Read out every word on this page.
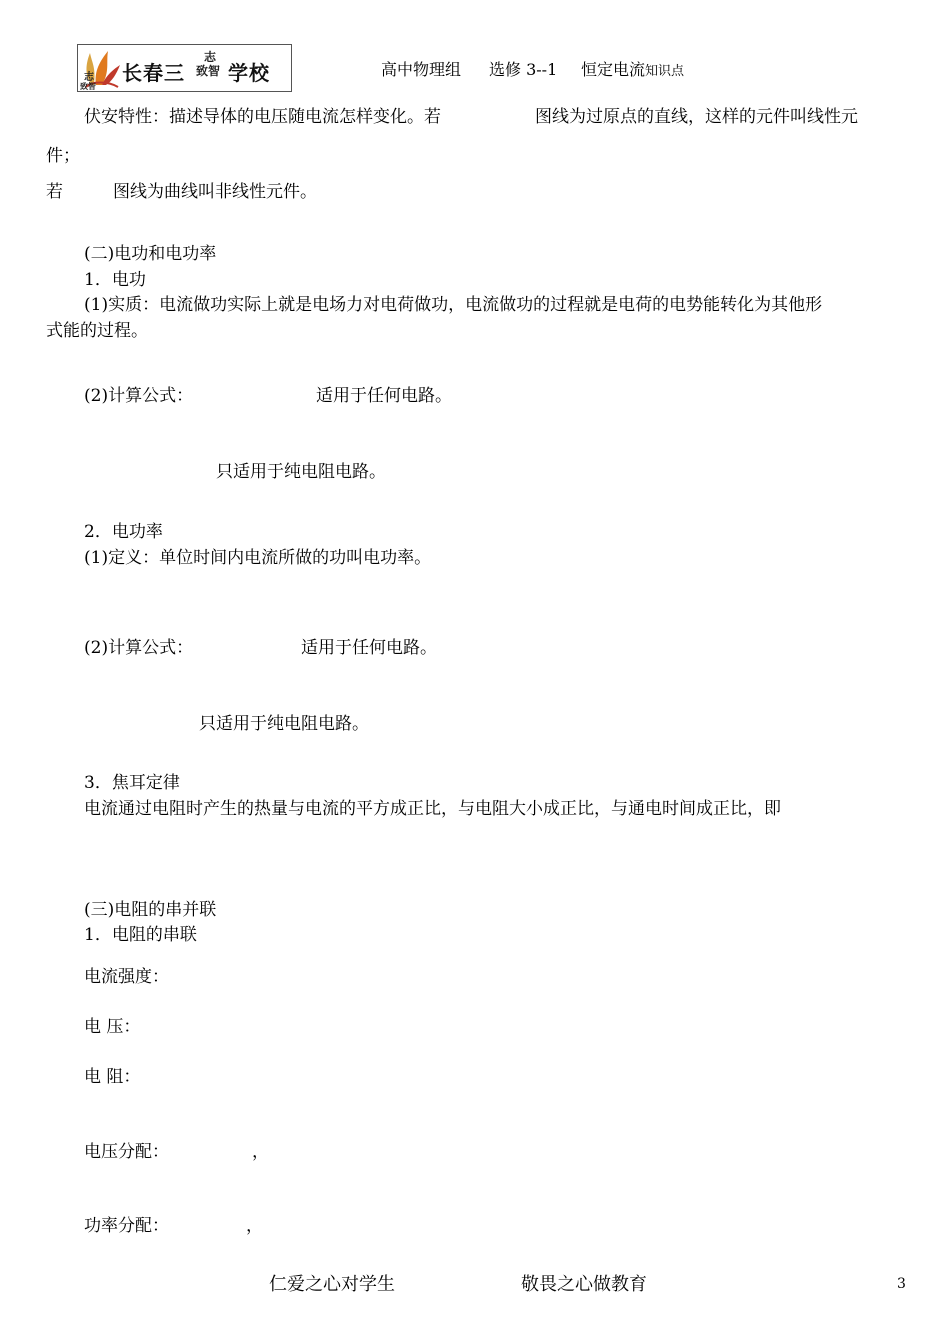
志
致智
长春三
志
致智 学校	高中物理组 选修 3--1 恒定电流知识点
伏安特性：描述导体的电压随电流怎样变化。若	图线为过原点的直线，这样的元件叫线性元
件；
若	图线为曲线叫非线性元件。
(二)电功和电功率
1．电功
(1)实质：电流做功实际上就是电场力对电荷做功，电流做功的过程就是电荷的电势能转化为其他形
式能的过程。
(2)计算公式：	适用于任何电路。
只适用于纯电阻电路。
2．电功率
(1)定义：单位时间内电流所做的功叫电功率。
(2)计算公式：	适用于任何电路。
只适用于纯电阻电路。
3．焦耳定律
电流通过电阻时产生的热量与电流的平方成正比，与电阻大小成正比，与通电时间成正比，即
(三)电阻的串并联
1．电阻的串联
电流强度：
电 压：
电 阻：
电压分配：	，
功率分配：	，
仁爱之心对学生	敬畏之心做教育	3
